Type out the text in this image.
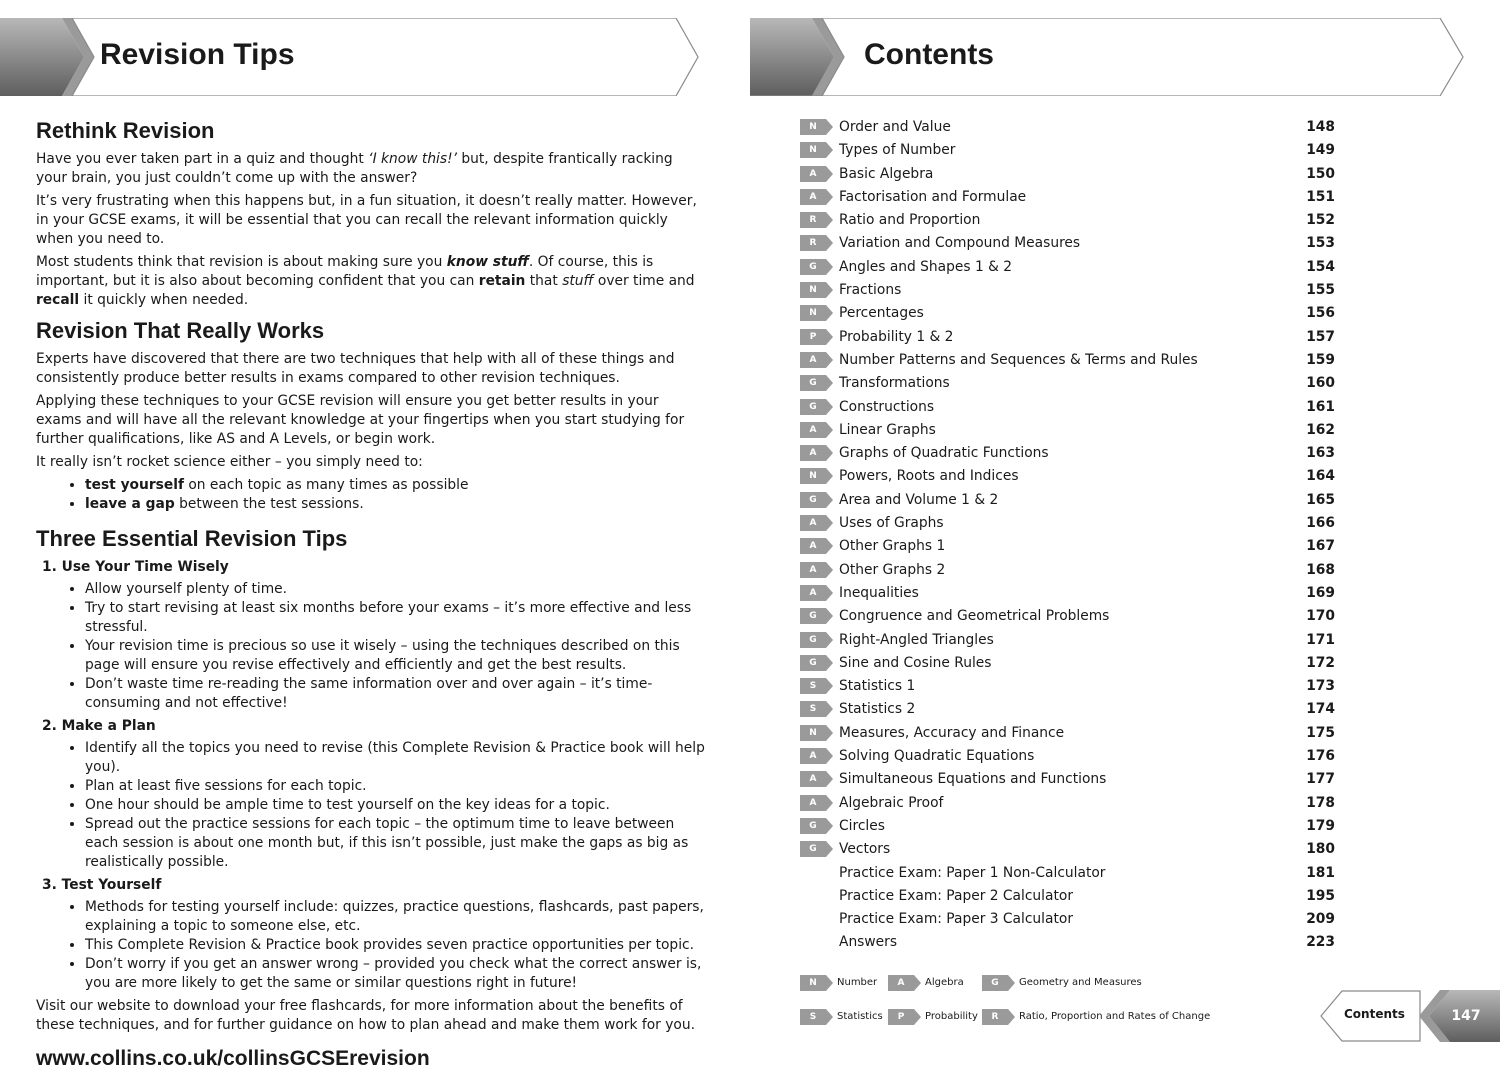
Revision Tips
Rethink Revision

Have you ever taken part in a quiz and thought ‘I know this!’ but, despite frantically racking your brain, you just couldn’t come up with the answer?

It’s very frustrating when this happens but, in a fun situation, it doesn’t really matter. However, in your GCSE exams, it will be essential that you can recall the relevant information quickly when you need to.

Most students think that revision is about making sure you know stuff. Of course, this is important, but it is also about becoming confident that you can retain that stuff over time and recall it quickly when needed.

Revision That Really Works

Experts have discovered that there are two techniques that help with all of these things and consistently produce better results in exams compared to other revision techniques.

Applying these techniques to your GCSE revision will ensure you get better results in your exams and will have all the relevant knowledge at your fingertips when you start studying for further qualifications, like AS and A Levels, or begin work.

It really isn’t rocket science either – you simply need to:

• test yourself on each topic as many times as possible
• leave a gap between the test sessions.
Three Essential Revision Tips
1. Use Your Time Wisely
• Allow yourself plenty of time.
• Try to start revising at least six months before your exams – it’s more effective and less stressful.
• Your revision time is precious so use it wisely – using the techniques described on this page will ensure you revise effectively and efficiently and get the best results.
• Don’t waste time re-reading the same information over and over again – it’s time-consuming and not effective!
2. Make a Plan
• Identify all the topics you need to revise (this Complete Revision & Practice book will help you).
• Plan at least five sessions for each topic.
• One hour should be ample time to test yourself on the key ideas for a topic.
• Spread out the practice sessions for each topic – the optimum time to leave between each session is about one month but, if this isn’t possible, just make the gaps as big as realistically possible.
3. Test Yourself
• Methods for testing yourself include: quizzes, practice questions, flashcards, past papers, explaining a topic to someone else, etc.
• This Complete Revision & Practice book provides seven practice opportunities per topic.
• Don’t worry if you get an answer wrong – provided you check what the correct answer is, you are more likely to get the same or similar questions right in future!

Visit our website to download your free flashcards, for more information about the benefits of these techniques, and for further guidance on how to plan ahead and make them work for you.

www.collins.co.uk/collinsGCSErevision
Contents
N	Order and Value	148
N	Types of Number	149
A	Basic Algebra	150
A	Factorisation and Formulae	151
R	Ratio and Proportion	152
R	Variation and Compound Measures	153
G	Angles and Shapes 1 & 2	154
N	Fractions	155
N	Percentages	156
P	Probability 1 & 2	157
A	Number Patterns and Sequences & Terms and Rules	159
G	Transformations	160
G	Constructions	161
A	Linear Graphs	162
A	Graphs of Quadratic Functions	163
N	Powers, Roots and Indices	164
G	Area and Volume 1 & 2	165
A	Uses of Graphs	166
A	Other Graphs 1	167
A	Other Graphs 2	168
A	Inequalities	169
G	Congruence and Geometrical Problems	170
G	Right-Angled Triangles	171
G	Sine and Cosine Rules	172
S	Statistics 1	173
S	Statistics 2	174
N	Measures, Accuracy and Finance	175
A	Solving Quadratic Equations	176
A	Simultaneous Equations and Functions	177
A	Algebraic Proof	178
G	Circles	179
G	Vectors	180
Practice Exam: Paper 1 Non-Calculator	181
Practice Exam: Paper 2 Calculator	195
Practice Exam: Paper 3 Calculator	209
Answers	223
N	Number	A	Algebra	G	Geometry and Measures
S	Statistics	P	Probability	R	Ratio, Proportion and Rates of Change	Contents	147
